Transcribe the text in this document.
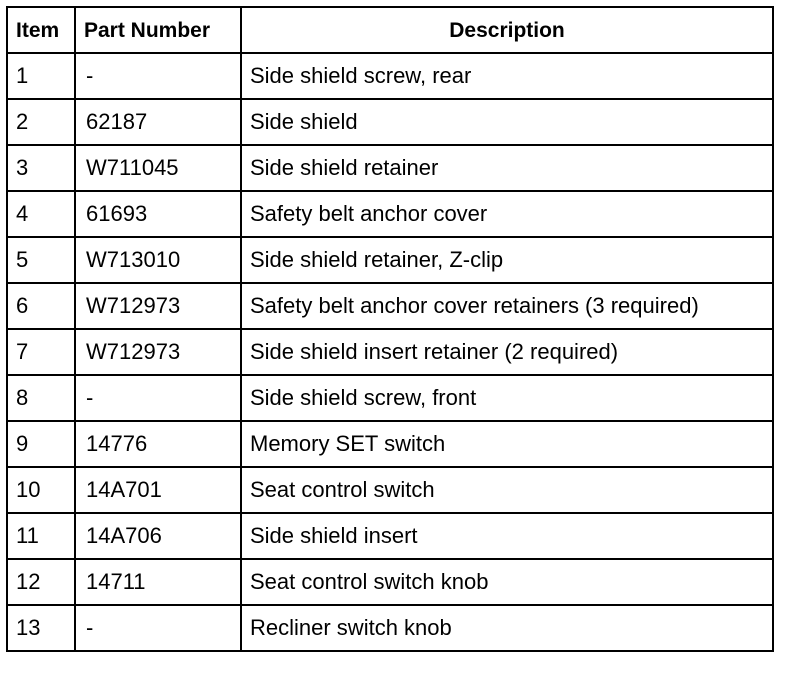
Item	Part Number	Description
1	-	Side shield screw, rear
2	62187	Side shield
3	W711045	Side shield retainer
4	61693	Safety belt anchor cover
5	W713010	Side shield retainer, Z-clip
6	W712973	Safety belt anchor cover retainers (3 required)
7	W712973	Side shield insert retainer (2 required)
8	-	Side shield screw, front
9	14776	Memory SET switch
10	14A701	Seat control switch
11	14A706	Side shield insert
12	14711	Seat control switch knob
13	-	Recliner switch knob
